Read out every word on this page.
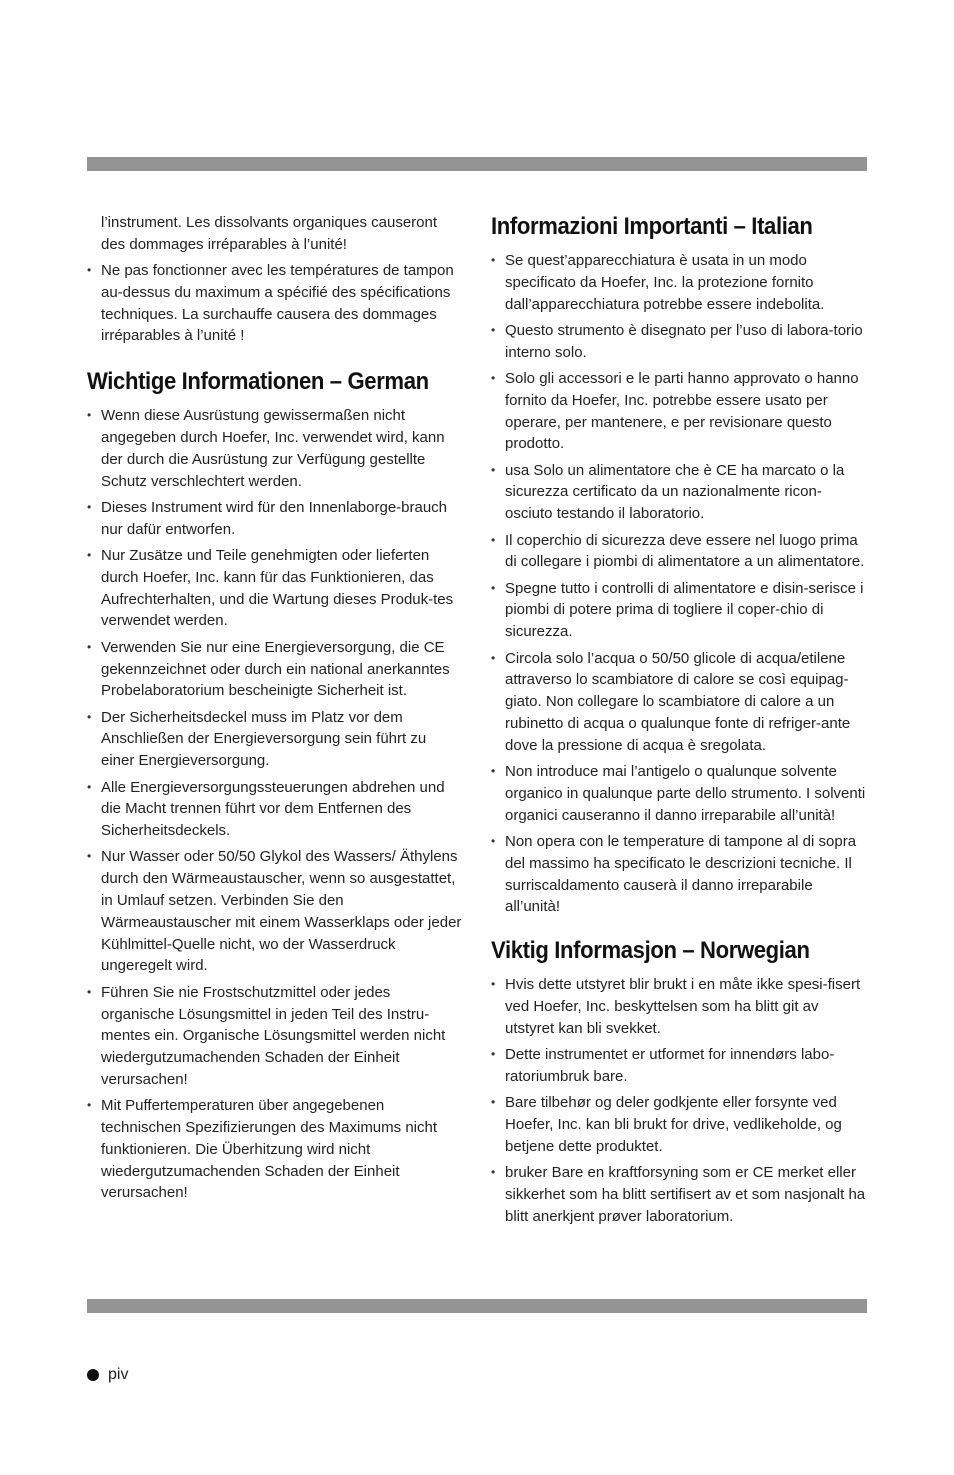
l’instrument. Les dissolvants organiques causeront des dommages irréparables à l’unité!

• Ne pas fonctionner avec les températures de tampon au-dessus du maximum a spécifié des spécifications techniques. La surchauffe causera des dommages irréparables à l’unité !
Wichtige Informationen – German
• Wenn diese Ausrüstung gewissermaßen nicht angegeben durch Hoefer, Inc. verwendet wird, kann der durch die Ausrüstung zur Verfügung gestellte Schutz verschlechtert werden.
• Dieses Instrument wird für den Innenlaborge-brauch nur dafür entworfen.
• Nur Zusätze und Teile genehmigten oder lieferten durch Hoefer, Inc. kann für das Funktionieren, das Aufrechterhalten, und die Wartung dieses Produk-tes verwendet werden.
• Verwenden Sie nur eine Energieversorgung, die CE gekennzeichnet oder durch ein national anerkanntes Probelaboratorium bescheinigte Sicherheit ist.
• Der Sicherheitsdeckel muss im Platz vor dem Anschließen der Energieversorgung sein führt zu einer Energieversorgung.
• Alle Energieversorgungssteuerungen abdrehen und die Macht trennen führt vor dem Entfernen des Sicherheitsdeckels.
• Nur Wasser oder 50/50 Glykol des Wassers/ Äthylens durch den Wärmeaustauscher, wenn so ausgestattet, in Umlauf setzen. Verbinden Sie den Wärmeaustauscher mit einem Wasserklaps oder jeder Kühlmittel-Quelle nicht, wo der Wasserdruck ungeregelt wird.
• Führen Sie nie Frostschutzmittel oder jedes organische Lösungsmittel in jeden Teil des Instru-mentes ein. Organische Lösungsmittel werden nicht wiedergutzumachenden Schaden der Einheit verursachen!
• Mit Puffertemperaturen über angegebenen technischen Spezifizierungen des Maximums nicht funktionieren. Die Überhitzung wird nicht wiedergutzumachenden Schaden der Einheit verursachen!
Informazioni Importanti – Italian
• Se quest’apparecchiatura è usata in un modo specificato da Hoefer, Inc. la protezione fornito dall’apparecchiatura potrebbe essere indebolita.
• Questo strumento è disegnato per l’uso di labora-torio interno solo.
• Solo gli accessori e le parti hanno approvato o hanno fornito da Hoefer, Inc. potrebbe essere usato per operare, per mantenere, e per revisionare questo prodotto.
• usa Solo un alimentatore che è CE ha marcato o la sicurezza certificato da un nazionalmente ricon-osciuto testando il laboratorio.
• Il coperchio di sicurezza deve essere nel luogo prima di collegare i piombi di alimentatore a un alimentatore.
• Spegne tutto i controlli di alimentatore e disin-serisce i piombi di potere prima di togliere il coper-chio di sicurezza.
• Circola solo l’acqua o 50/50 glicole di acqua/etilene attraverso lo scambiatore di calore se così equipag-giato. Non collegare lo scambiatore di calore a un rubinetto di acqua o qualunque fonte di refriger-ante dove la pressione di acqua è sregolata.
• Non introduce mai l’antigelo o qualunque solvente organico in qualunque parte dello strumento. I solventi organici causeranno il danno irreparabile all’unità!
• Non opera con le temperature di tampone al di sopra del massimo ha specificato le descrizioni tecniche. Il surriscaldamento causerà il danno irreparabile all’unità!
Viktig Informasjon – Norwegian
• Hvis dette utstyret blir brukt i en måte ikke spesi-fisert ved Hoefer, Inc. beskyttelsen som ha blitt git av utstyret kan bli svekket.
• Dette instrumentet er utformet for innendørs labo-ratoriumbruk bare.
• Bare tilbehør og deler godkjente eller forsynte ved Hoefer, Inc. kan bli brukt for drive, vedlikeholde, og betjene dette produktet.
• bruker Bare en kraftforsyning som er CE merket eller sikkerhet som ha blitt sertifisert av et som nasjonalt ha blitt anerkjent prøver laboratorium.
piv
